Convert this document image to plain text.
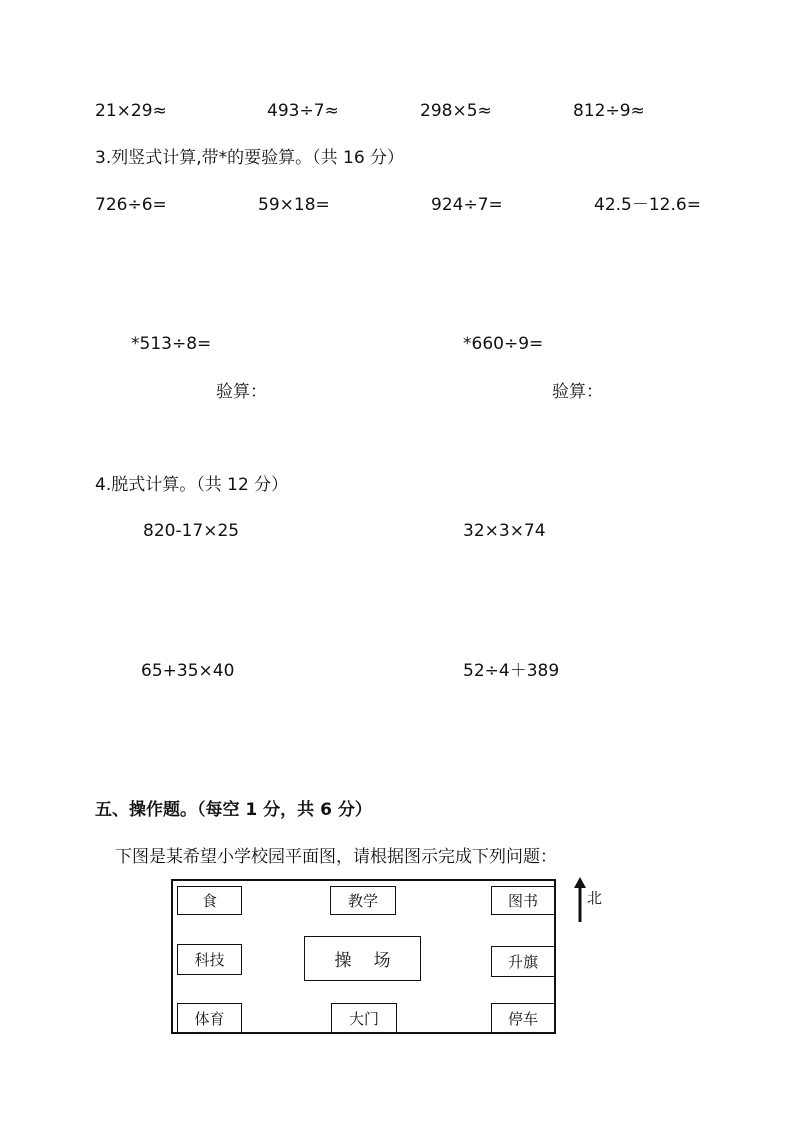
21×29≈	493÷7≈	298×5≈	812÷9≈
3.列竖式计算,带*的要验算。（共 16 分）
726÷6=	59×18=	924÷7=	42.5－12.6=
*513÷8=	*660÷9=
验算：	验算：
4.脱式计算。（共 12 分）
820-17×25	32×3×74
65+35×40	52÷4＋389
五、操作题。（每空 1 分，共 6 分）
下图是某希望小学校园平面图，请根据图示完成下列问题：
食	教学	图书
科技	操场	升旗
体育	大门	停车
北
